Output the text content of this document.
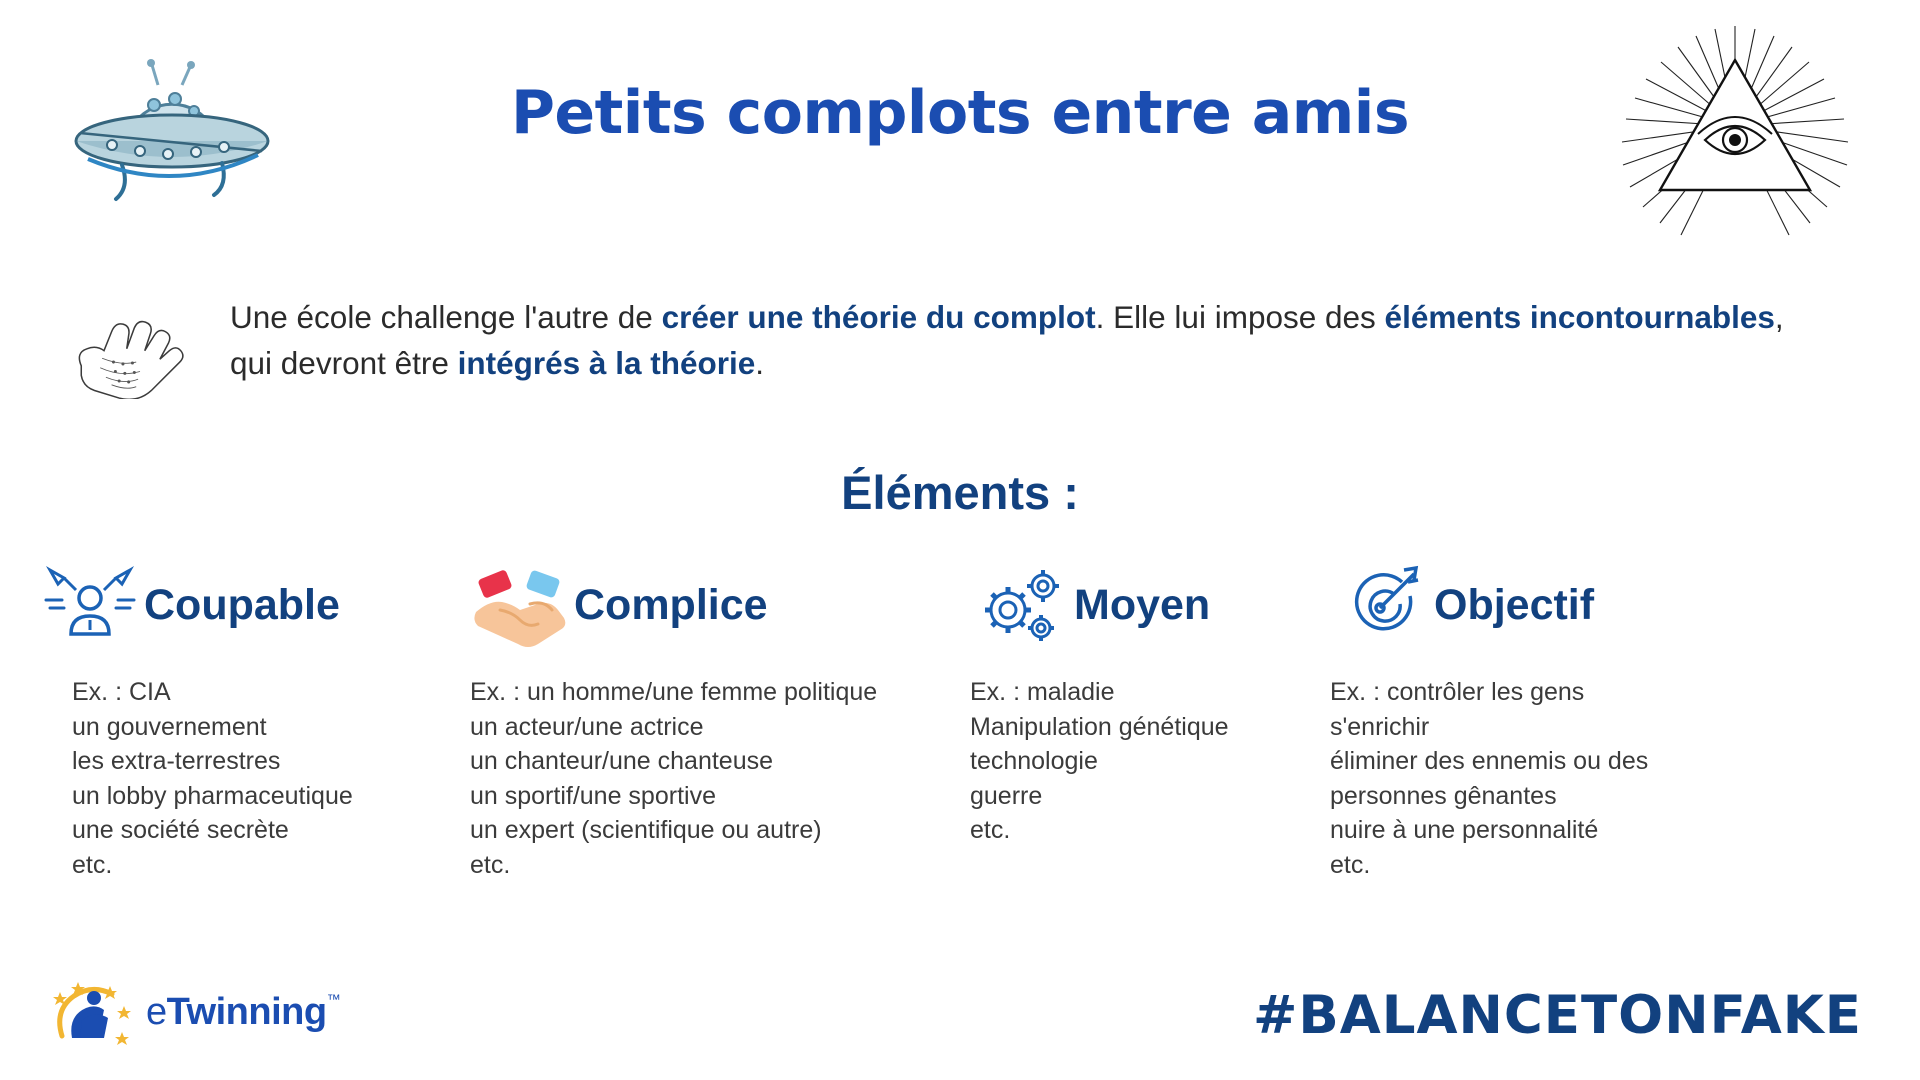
Petits complots entre amis
Une école challenge l'autre de créer une théorie du complot. Elle lui impose des éléments incontournables, qui devront être intégrés à la théorie.
Éléments :
Coupable
Ex. : CIA
un gouvernement
les extra-terrestres
un lobby pharmaceutique
une société secrète
etc.
Complice
Ex. : un homme/une femme politique
un acteur/une actrice
un chanteur/une chanteuse
un sportif/une sportive
un expert (scientifique ou autre)
etc.
Moyen
Ex. : maladie
Manipulation génétique
technologie
guerre
etc.
Objectif
Ex. : contrôler les gens
s'enrichir
éliminer des ennemis ou des personnes gênantes
nuire à une personnalité
etc.
eTwinning™	#BALANCETONFAKE
